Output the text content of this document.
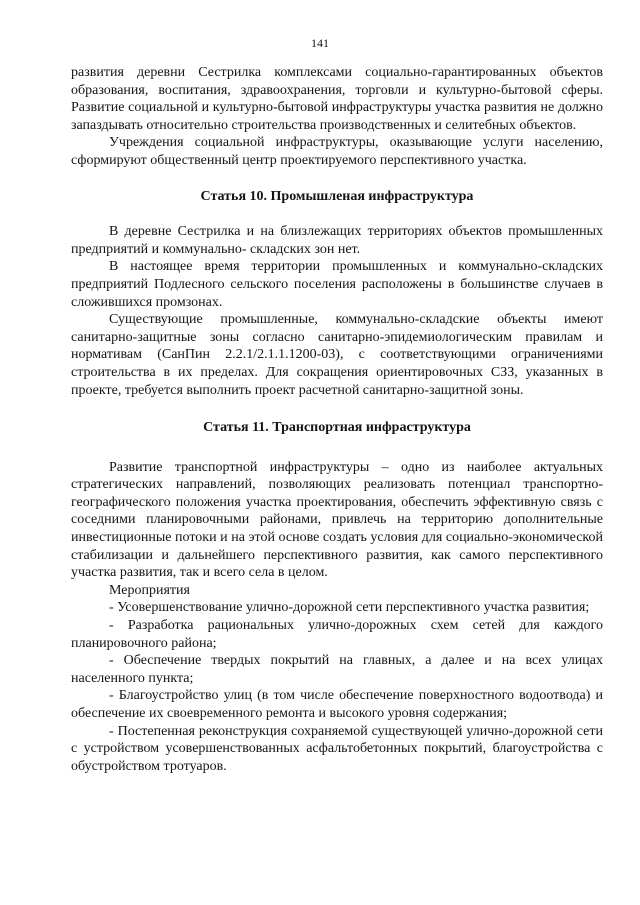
141

развития деревни Сестрилка комплексами социально-гарантированных объектов образования, воспитания, здравоохранения, торговли и культурно-бытовой сферы. Развитие социальной и культурно-бытовой инфраструктуры участка развития не должно запаздывать относительно строительства производственных и селитебных объектов.

Учреждения социальной инфраструктуры, оказывающие услуги населению, сформируют общественный центр проектируемого перспективного участка.

Статья 10. Промышленая инфраструктура

В деревне Сестрилка и на близлежащих территориях объектов промышленных предприятий и коммунально- складских зон нет.

В настоящее время территории промышленных и коммунально-складских предприятий Подлесного сельского поселения расположены в большинстве случаев в сложившихся промзонах.

Существующие промышленные, коммунально-складские объекты имеют санитарно-защитные зоны согласно санитарно-эпидемиологическим правилам и нормативам (СанПин 2.2.1/2.1.1.1200-03), с соответствующими ограничениями строительства в их пределах. Для сокращения ориентировочных СЗЗ, указанных в проекте, требуется выполнить проект расчетной санитарно-защитной зоны.

Статья 11. Транспортная инфраструктура

Развитие транспортной инфраструктуры – одно из наиболее актуальных стратегических направлений, позволяющих реализовать потенциал транспортно-географического положения участка проектирования, обеспечить эффективную связь с соседними планировочными районами, привлечь на территорию дополнительные инвестиционные потоки и на этой основе создать условия для социально-экономической стабилизации и дальнейшего перспективного развития, как самого перспективного участка развития, так и всего села в целом.

Мероприятия

- Усовершенствование улично-дорожной сети перспективного участка развития;
- Разработка рациональных улично-дорожных схем сетей для каждого планировочного района;
- Обеспечение твердых покрытий на главных, а далее и на всех улицах населенного пункта;
- Благоустройство улиц (в том числе обеспечение поверхностного водоотвода) и обеспечение их своевременного ремонта и высокого уровня содержания;
- Постепенная реконструкция сохраняемой существующей улично-дорожной сети с устройством усовершенствованных асфальтобетонных покрытий, благоустройства с обустройством тротуаров.
